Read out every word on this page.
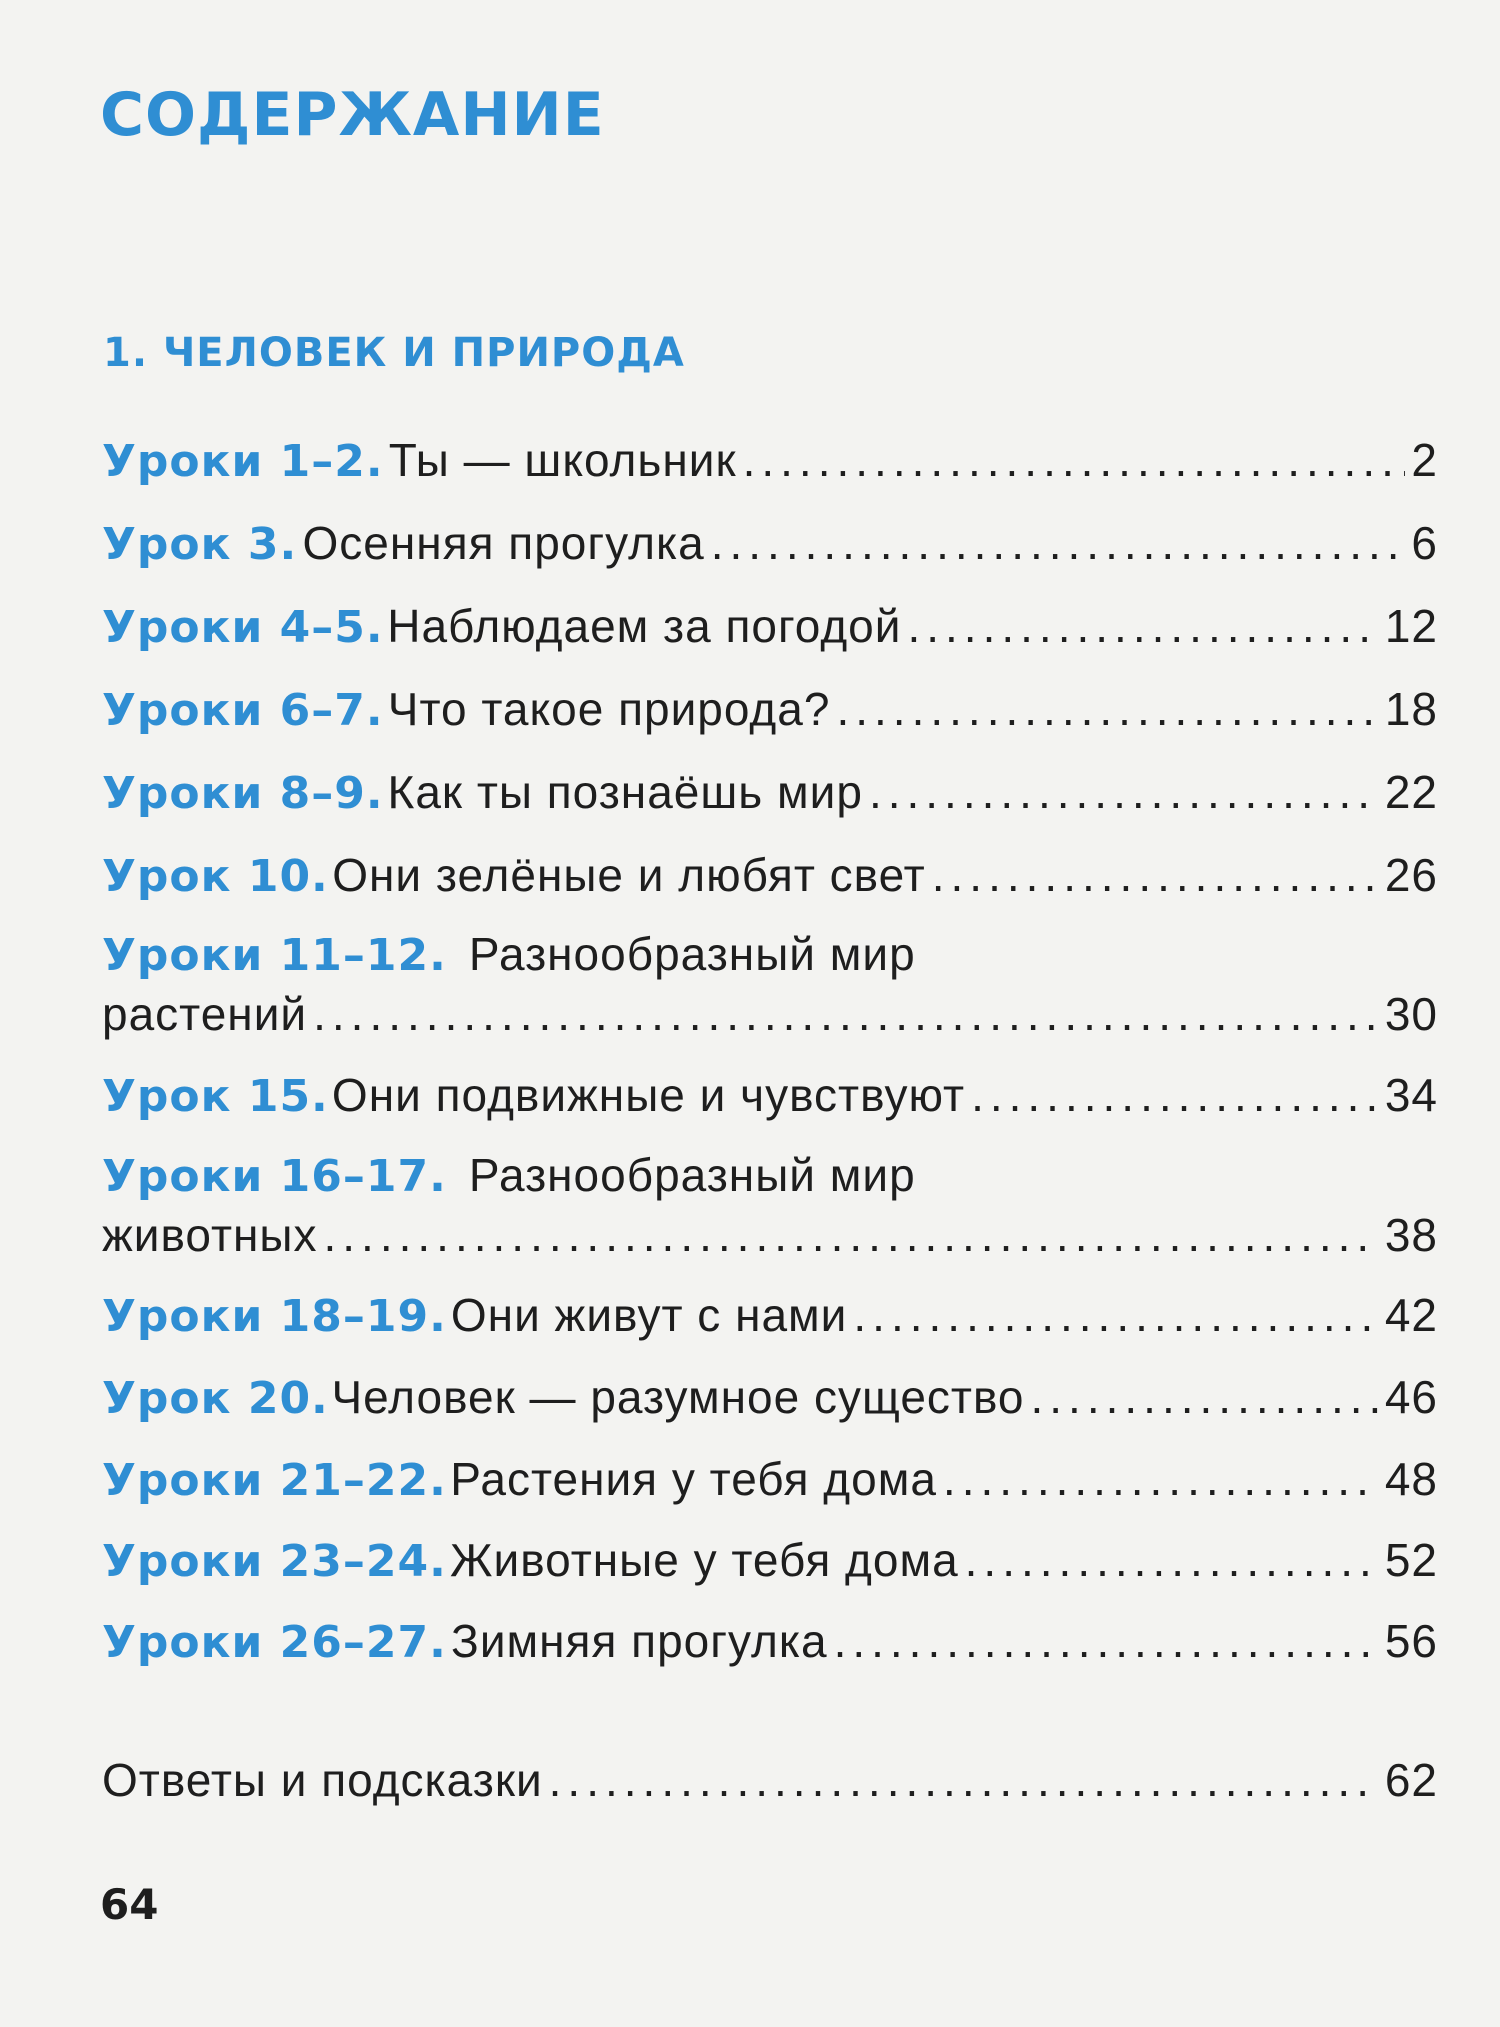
СОДЕРЖАНИЕ
1. ЧЕЛОВЕК И ПРИРОДА
Уроки 1–2. Ты — школьник .....	2
Урок 3. Осенняя прогулка .....	6
Уроки 4–5. Наблюдаем за погодой .....	12
Уроки 6–7. Что такое природа? .....	18
Уроки 8–9. Как ты познаёшь мир .....	22
Урок 10. Они зелёные и любят свет .....	26
Уроки 11–12. Разнообразный мир
растений .....	30
Урок 15. Они подвижные и чувствуют .....	34
Уроки 16–17. Разнообразный мир
животных .....	38
Уроки 18–19. Они живут с нами .....	42
Урок 20. Человек — разумное существо .....	46
Уроки 21–22. Растения у тебя дома .....	48
Уроки 23–24. Животные у тебя дома .....	52
Уроки 26–27. Зимняя прогулка .....	56
Ответы и подсказки .....	62
64
